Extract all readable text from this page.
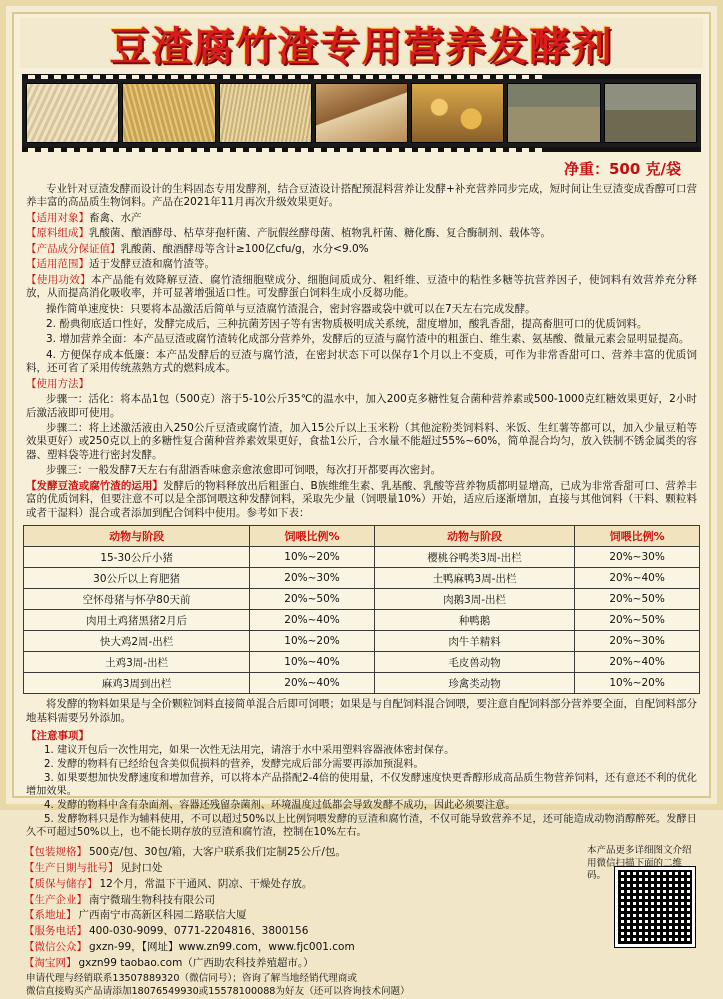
豆渣腐竹渣专用营养发酵剂
净重：500 克/袋

专业针对豆渣发酵而设计的生料固态专用发酵剂，结合豆渣设计搭配预混料营养让发酵+补充营养同步完成，短时间让生豆渣变成香醇可口营养丰富的高品质生物饲料。产品在2021年11月再次升级效果更好。

【适用对象】畜禽、水产

【原料组成】乳酸菌、酿酒酵母、枯草芽孢杆菌、产朊假丝酵母菌、植物乳杆菌、糖化酶、复合酶制剂、载体等。

【产品成分保证值】乳酸菌、酿酒酵母等含计≥100亿cfu/g，水分<9.0%

【适用范围】适于发酵豆渣和腐竹渣等。

【使用功效】本产品能有效降解豆渣、腐竹渣细胞壁成分、细胞间质成分、粗纤维、豆渣中的粘性多糖等抗营养因子，使饲料有效营养充分释放，从而提高消化吸收率，并可显著增强适口性。可发酵蛋白饲料生成小反芻功能。

操作简单速度快：只要将本品激活后简单与豆渣腐竹渣混合，密封容器或袋中就可以在7天左右完成发酵。

2. 酚典彻底适口性好，发酵完成后，三种抗菌芳因子等有害物质极明成关系统，甜度增加，酸乳香甜，提高畜胆可口的优质饲料。

3. 增加营养全面：本产品豆渣或腐竹渣转化成部分营养外，发酵后的豆渣与腐竹渣中的粗蛋白、维生素、氨基酸、微量元素会显明显提高。

4. 方便保存成本低廉：本产品发酵后的豆渣与腐竹渣，在密封状态下可以保存1个月以上不变质，可作为非常香甜可口、营养丰富的优质饲料，还可省了采用传统蒸熟方式的燃料成本。

【使用方法】

步骤一：活化：将本品1包（500克）溶于5-10公斤35℃的温水中，加入200克多糖性复合菌种营养素或500-1000克红糖效果更好，2小时后激活液即可使用。

步骤二：将上述激活液由入250公斤豆渣或腐竹渣，加入15公斤以上玉米粉（其他淀粉类饲料料、米饭、生红薯等都可以，加入少量豆粕等效果更好）或250克以上的多糖性复合菌种营养素效果更好，食盐1公斤，合水量不能超过55%~60%，简单混合均匀，放入铁制不锈金属类的容器、塑料袋等进行密封发酵。

步骤三：一般发酵7天左右有甜酒香味愈亲愈浓愈即可饲喂，每次打开都要再次密封。

【发酵豆渣或腐竹渣的运用】发酵后的物料释放出后粗蛋白、B族维维生素、乳基酸、乳酸等营养物质都明显增高，已成为非常香甜可口、营养丰富的优质饲料，但要注意不可以是全部饲喂这种发酵饲料，采取先少量（饲喂量10%）开始，适应后逐渐增加，直接与其他饲料（干料、颗粒料或者干湿料）混合或者添加到配合饲料中使用。参考如下表：

动物与阶段	饲喂比例%	动物与阶段	饲喂比例%
15-30公斤小猪	10%~20%	樱桃谷鸭类3周-出栏	20%~30%
30公斤以上育肥猪	20%~30%	土鸭麻鸭3周-出栏	20%~40%
空怀母猪与怀孕80天前	20%~50%	肉鹅3周-出栏	20%~50%
肉用土鸡猪黑猪2月后	20%~40%	种鸭鹅	20%~50%
快大鸡2周-出栏	10%~20%	肉牛羊精料	20%~30%
土鸡3周-出栏	10%~40%	毛皮兽动物	20%~40%
麻鸡3周到出栏	20%~40%	珍禽类动物	10%~20%

将发酵的物料如果是与全价颗粒饲料直接简单混合后即可饲喂；如果是与自配饲料混合饲喂，要注意自配饲料部分营养要全面，自配饲料部分地基料需要另外添加。

【注意事项】
1. 建议开包后一次性用完，如果一次性无法用完，请溶于水中采用塑料容器液体密封保存。
2. 发酵的物料有已经给包含美似侃损料的营养，发酵完成后部分需要再添加预混料。
3. 如果要想加快发酵速度和增加营养，可以将本产品搭配2-4倍的使用量，不仅发酵速度快更香醇形成高品质生物营养饲料，还有意还不利的优化增加效果。
4. 发酵的物料中含有杂面剂、容器还残留杂菌剂、环境温度过低都会导致发酵不成功，因此必须要注意。
5. 发酵物料只是作为辅料使用，不可以超过50%以上比例饲喂发酵的豆渣和腐竹渣，不仅可能导致营养不足，还可能造成动物消醇醉死。发酵日久不可超过50%以上，也不能长期存放的豆渣和腐竹渣，控制在10%左右。
本产品更多详细图文介绍用微信扫描下面的二维码。
【包装规格】 500克/包、30包/箱，大客户联系我们定制25公斤/包。
【生产日期与批号】 见封口处
【质保与储存】 12个月，常温下干通风、阴凉、干燥处存放。
【生产企业】 南宁微瑞生物科技有限公司
【系地址】 广西南宁市高新区科园二路联信大厦
【服务电话】 400-030-9099、0771-2204816、3800156
【微信公众】 gxzn-99，【网址】www.zn99.com，www.fjc001.com
【淘宝网】 gxzn99 taobao.com（广西助农科技养殖超市。）
申请代理与经销联系13507889320（微信同号）；咨询了解当地经销代理商或
微信直接购买产品请添加18076549930或15578100088为好友（还可以咨询技术问题）
